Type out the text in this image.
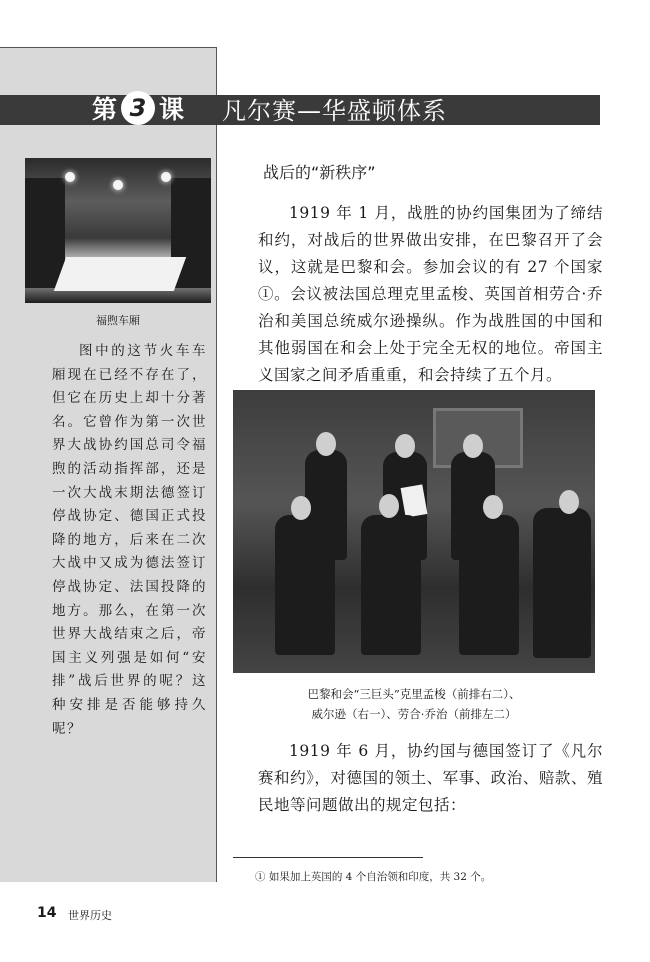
第 3 课 凡尔赛—华盛顿体系
福煦车厢
图中的这节火车车厢现在已经不存在了，但它在历史上却十分著名。它曾作为第一次世界大战协约国总司令福煦的活动指挥部，还是一次大战末期法德签订停战协定、德国正式投降的地方，后来在二次大战中又成为德法签订停战协定、法国投降的地方。那么，在第一次世界大战结束之后，帝国主义列强是如何“安排”战后世界的呢？这种安排是否能够持久呢？
战后的“新秩序”
1919 年 1 月，战胜的协约国集团为了缔结和约，对战后的世界做出安排，在巴黎召开了会议，这就是巴黎和会。参加会议的有 27 个国家①。会议被法国总理克里孟梭、英国首相劳合·乔治和美国总统威尔逊操纵。作为战胜国的中国和其他弱国在和会上处于完全无权的地位。帝国主义国家之间矛盾重重，和会持续了五个月。
巴黎和会“三巨头”克里孟梭（前排右二）、
威尔逊（右一）、劳合·乔治（前排左二）
1919 年 6 月，协约国与德国签订了《凡尔赛和约》，对德国的领土、军事、政治、赔款、殖民地等问题做出的规定包括：
① 如果加上英国的 4 个自治领和印度，共 32 个。
14 世界历史
